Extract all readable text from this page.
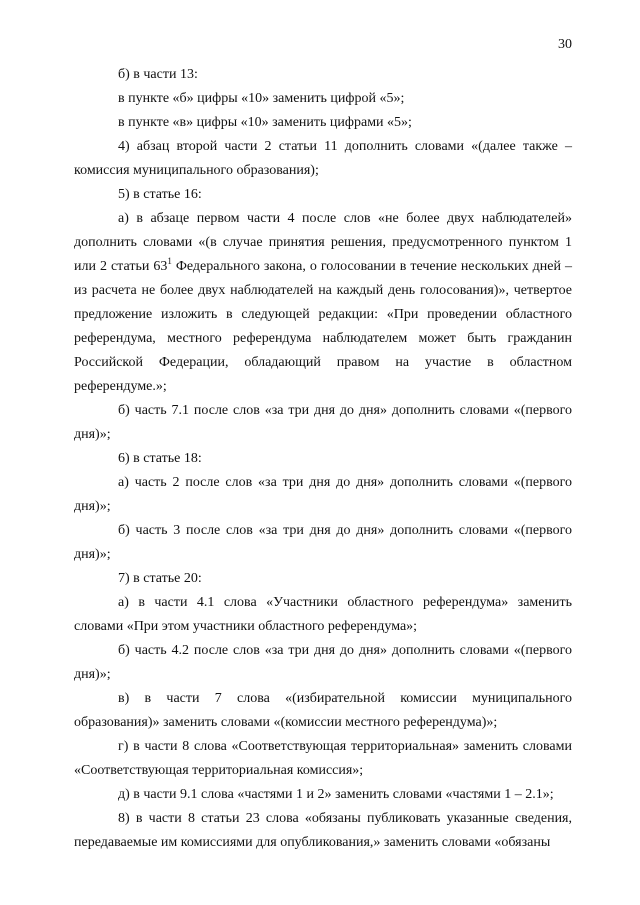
30
б) в части 13:
в пункте «б» цифры «10» заменить цифрой «5»;
в пункте «в» цифры «10» заменить цифрами «5»;
4) абзац второй части 2 статьи 11 дополнить словами «(далее также –
комиссия муниципального образования);
5) в статье 16:
а) в абзаце первом части 4 после слов «не более двух наблюдателей»
дополнить словами «(в случае принятия решения, предусмотренного пунктом 1
или 2 статьи $63^1$ Федерального закона, о голосовании в течение нескольких дней –
из расчета не более двух наблюдателей на каждый день голосования)», четвертое
предложение изложить в следующей редакции: «При проведении областного
референдума, местного референдума наблюдателем может быть гражданин
Российской Федерации, обладающий правом на участие в областном
референдуме.»;
б) часть 7.1 после слов «за три дня до дня» дополнить словами «(первого
дня)»;
6) в статье 18:
а) часть 2 после слов «за три дня до дня» дополнить словами «(первого
дня)»;
б) часть 3 после слов «за три дня до дня» дополнить словами «(первого
дня)»;
7) в статье 20:
а) в части 4.1 слова «Участники областного референдума» заменить
словами «При этом участники областного референдума»;
б) часть 4.2 после слов «за три дня до дня» дополнить словами «(первого
дня)»;
в) в части 7 слова «(избирательной комиссии муниципального
образования)» заменить словами «(комиссии местного референдума)»;
г) в части 8 слова «Соответствующая территориальная» заменить словами
«Соответствующая территориальная комиссия»;
д) в части 9.1 слова «частями 1 и 2» заменить словами «частями 1 – 2.1»;
8) в части 8 статьи 23 слова «обязаны публиковать указанные сведения,
передаваемые им комиссиями для опубликования,» заменить словами «обязаны
